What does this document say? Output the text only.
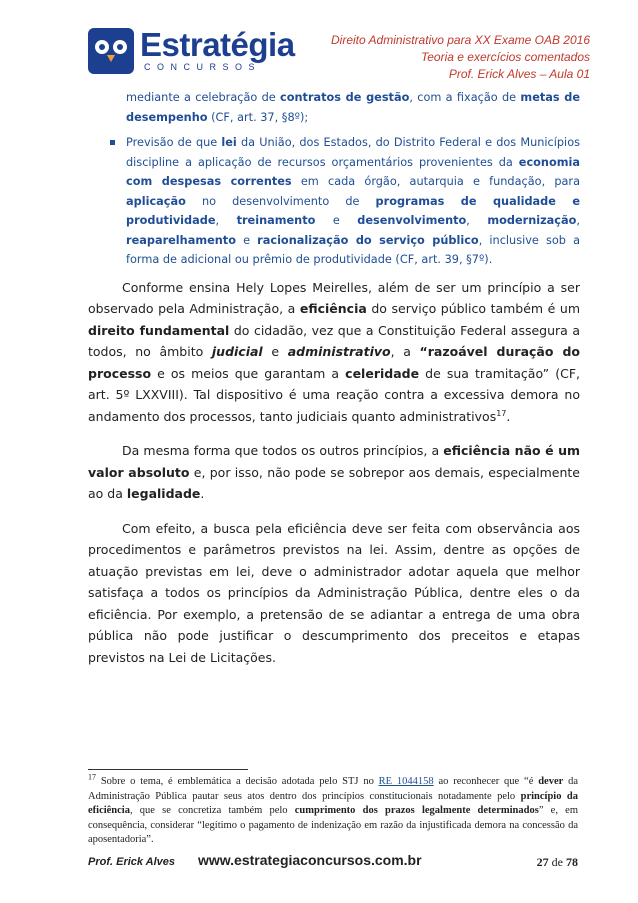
Estratégia
CONCURSOS
Direito Administrativo para XX Exame OAB 2016
Teoria e exercícios comentados
Prof. Erick Alves – Aula 01
mediante a celebração de contratos de gestão, com a fixação de metas de desempenho (CF, art. 37, §8º);
Previsão de que lei da União, dos Estados, do Distrito Federal e dos Municípios discipline a aplicação de recursos orçamentários provenientes da economia com despesas correntes em cada órgão, autarquia e fundação, para aplicação no desenvolvimento de programas de qualidade e produtividade, treinamento e desenvolvimento, modernização, reaparelhamento e racionalização do serviço público, inclusive sob a forma de adicional ou prêmio de produtividade (CF, art. 39, §7º).

Conforme ensina Hely Lopes Meirelles, além de ser um princípio a ser observado pela Administração, a eficiência do serviço público também é um direito fundamental do cidadão, vez que a Constituição Federal assegura a todos, no âmbito judicial e administrativo, a “razoável duração do processo e os meios que garantam a celeridade de sua tramitação” (CF, art. 5º LXXVIII). Tal dispositivo é uma reação contra a excessiva demora no andamento dos processos, tanto judiciais quanto administrativos$^{17}$.

Da mesma forma que todos os outros princípios, a eficiência não é um valor absoluto e, por isso, não pode se sobrepor aos demais, especialmente ao da legalidade.

Com efeito, a busca pela eficiência deve ser feita com observância aos procedimentos e parâmetros previstos na lei. Assim, dentre as opções de atuação previstas em lei, deve o administrador adotar aquela que melhor satisfaça a todos os princípios da Administração Pública, dentre eles o da eficiência. Por exemplo, a pretensão de se adiantar a entrega de uma obra pública não pode justificar o descumprimento dos preceitos e etapas previstos na Lei de Licitações.

$^{17}$ Sobre o tema, é emblemática a decisão adotada pelo STJ no RE 1044158 ao reconhecer que “é dever da Administração Pública pautar seus atos dentro dos princípios constitucionais notadamente pelo princípio da eficiência, que se concretiza também pelo cumprimento dos prazos legalmente determinados” e, em consequência, considerar “legítimo o pagamento de indenização em razão da injustificada demora na concessão da aposentadoria”.
Prof. Erick Alves www.estrategiaconcursos.com.br	27 de 78
